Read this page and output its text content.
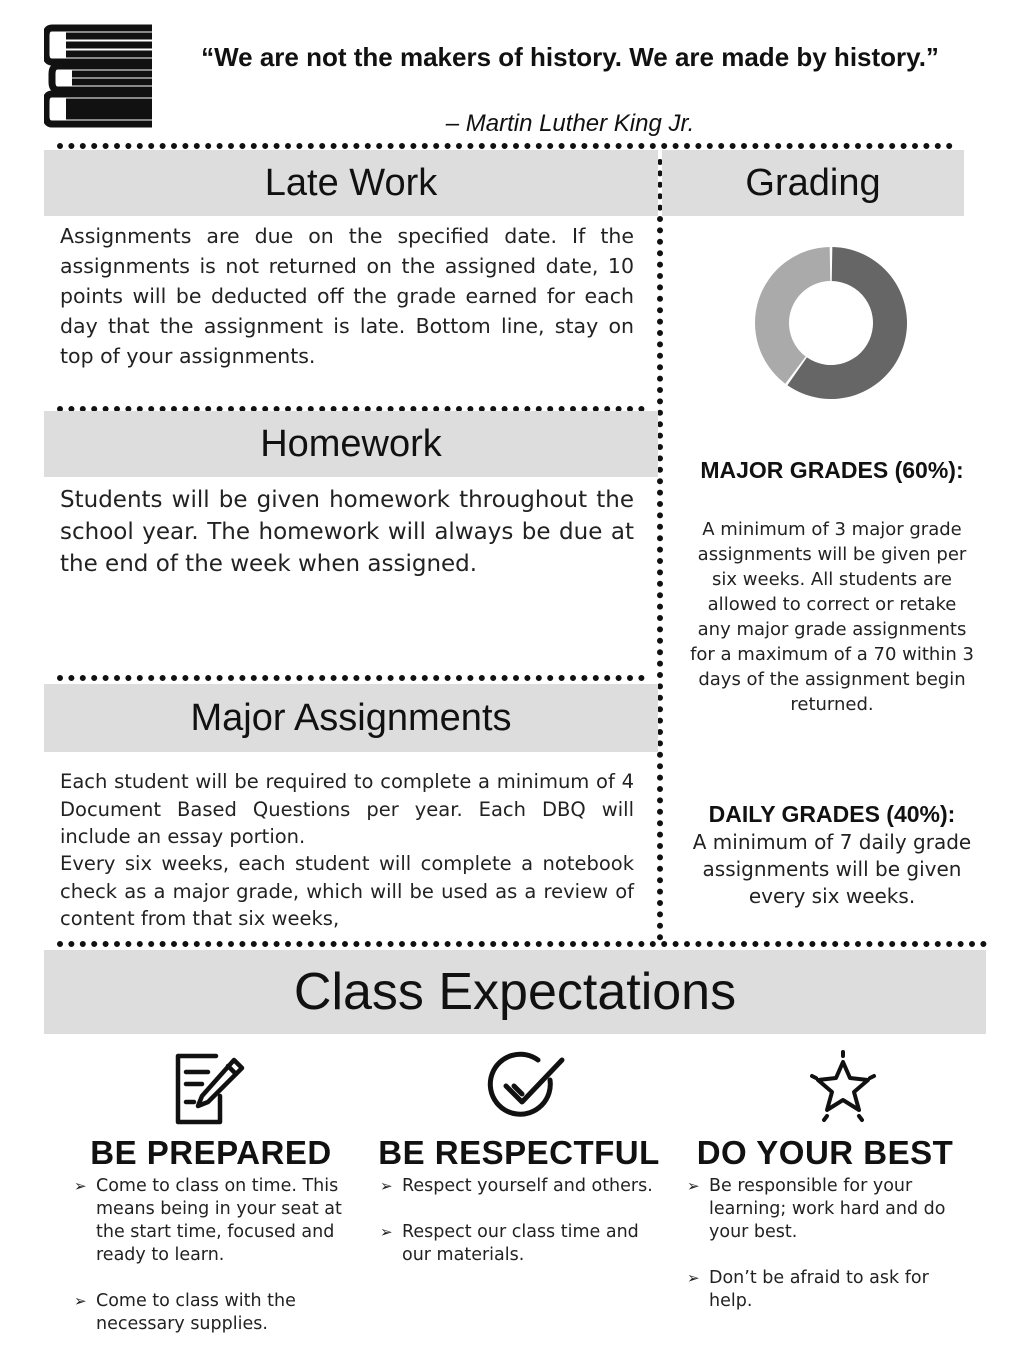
“We are not the makers of history. We are made by history.”
– Martin Luther King Jr.
Late Work
Assignments are due on the specified date. If the assignments is not returned on the assigned date, 10 points will be deducted off the grade earned for each day that the assignment is late. Bottom line, stay on top of your assignments.
Grading
MAJOR GRADES (60%):
A minimum of 3 major grade assignments will be given per six weeks. All students are allowed to correct or retake any major grade assignments for a maximum of a 70 within 3 days of the assignment begin returned.
DAILY GRADES (40%):
A minimum of 7 daily grade assignments will be given every six weeks.
Homework
Students will be given homework throughout the school year. The homework will always be due at the end of the week when assigned.
Major Assignments
Each student will be required to complete a minimum of 4 Document Based Questions per year. Each DBQ will include an essay portion.
Every six weeks, each student will complete a notebook check as a major grade, which will be used as a review of content from that six weeks,
Class Expectations
BE PREPARED	BE RESPECTFUL	DO YOUR BEST
➢ Come to class on time. This means being in your seat at the start time, focused and ready to learn.
➢ Come to class with the necessary supplies.
➢ Respect yourself and others.
➢ Respect our class time and our materials.
➢ Be responsible for your learning; work hard and do your best.
➢ Don’t be afraid to ask for help.
